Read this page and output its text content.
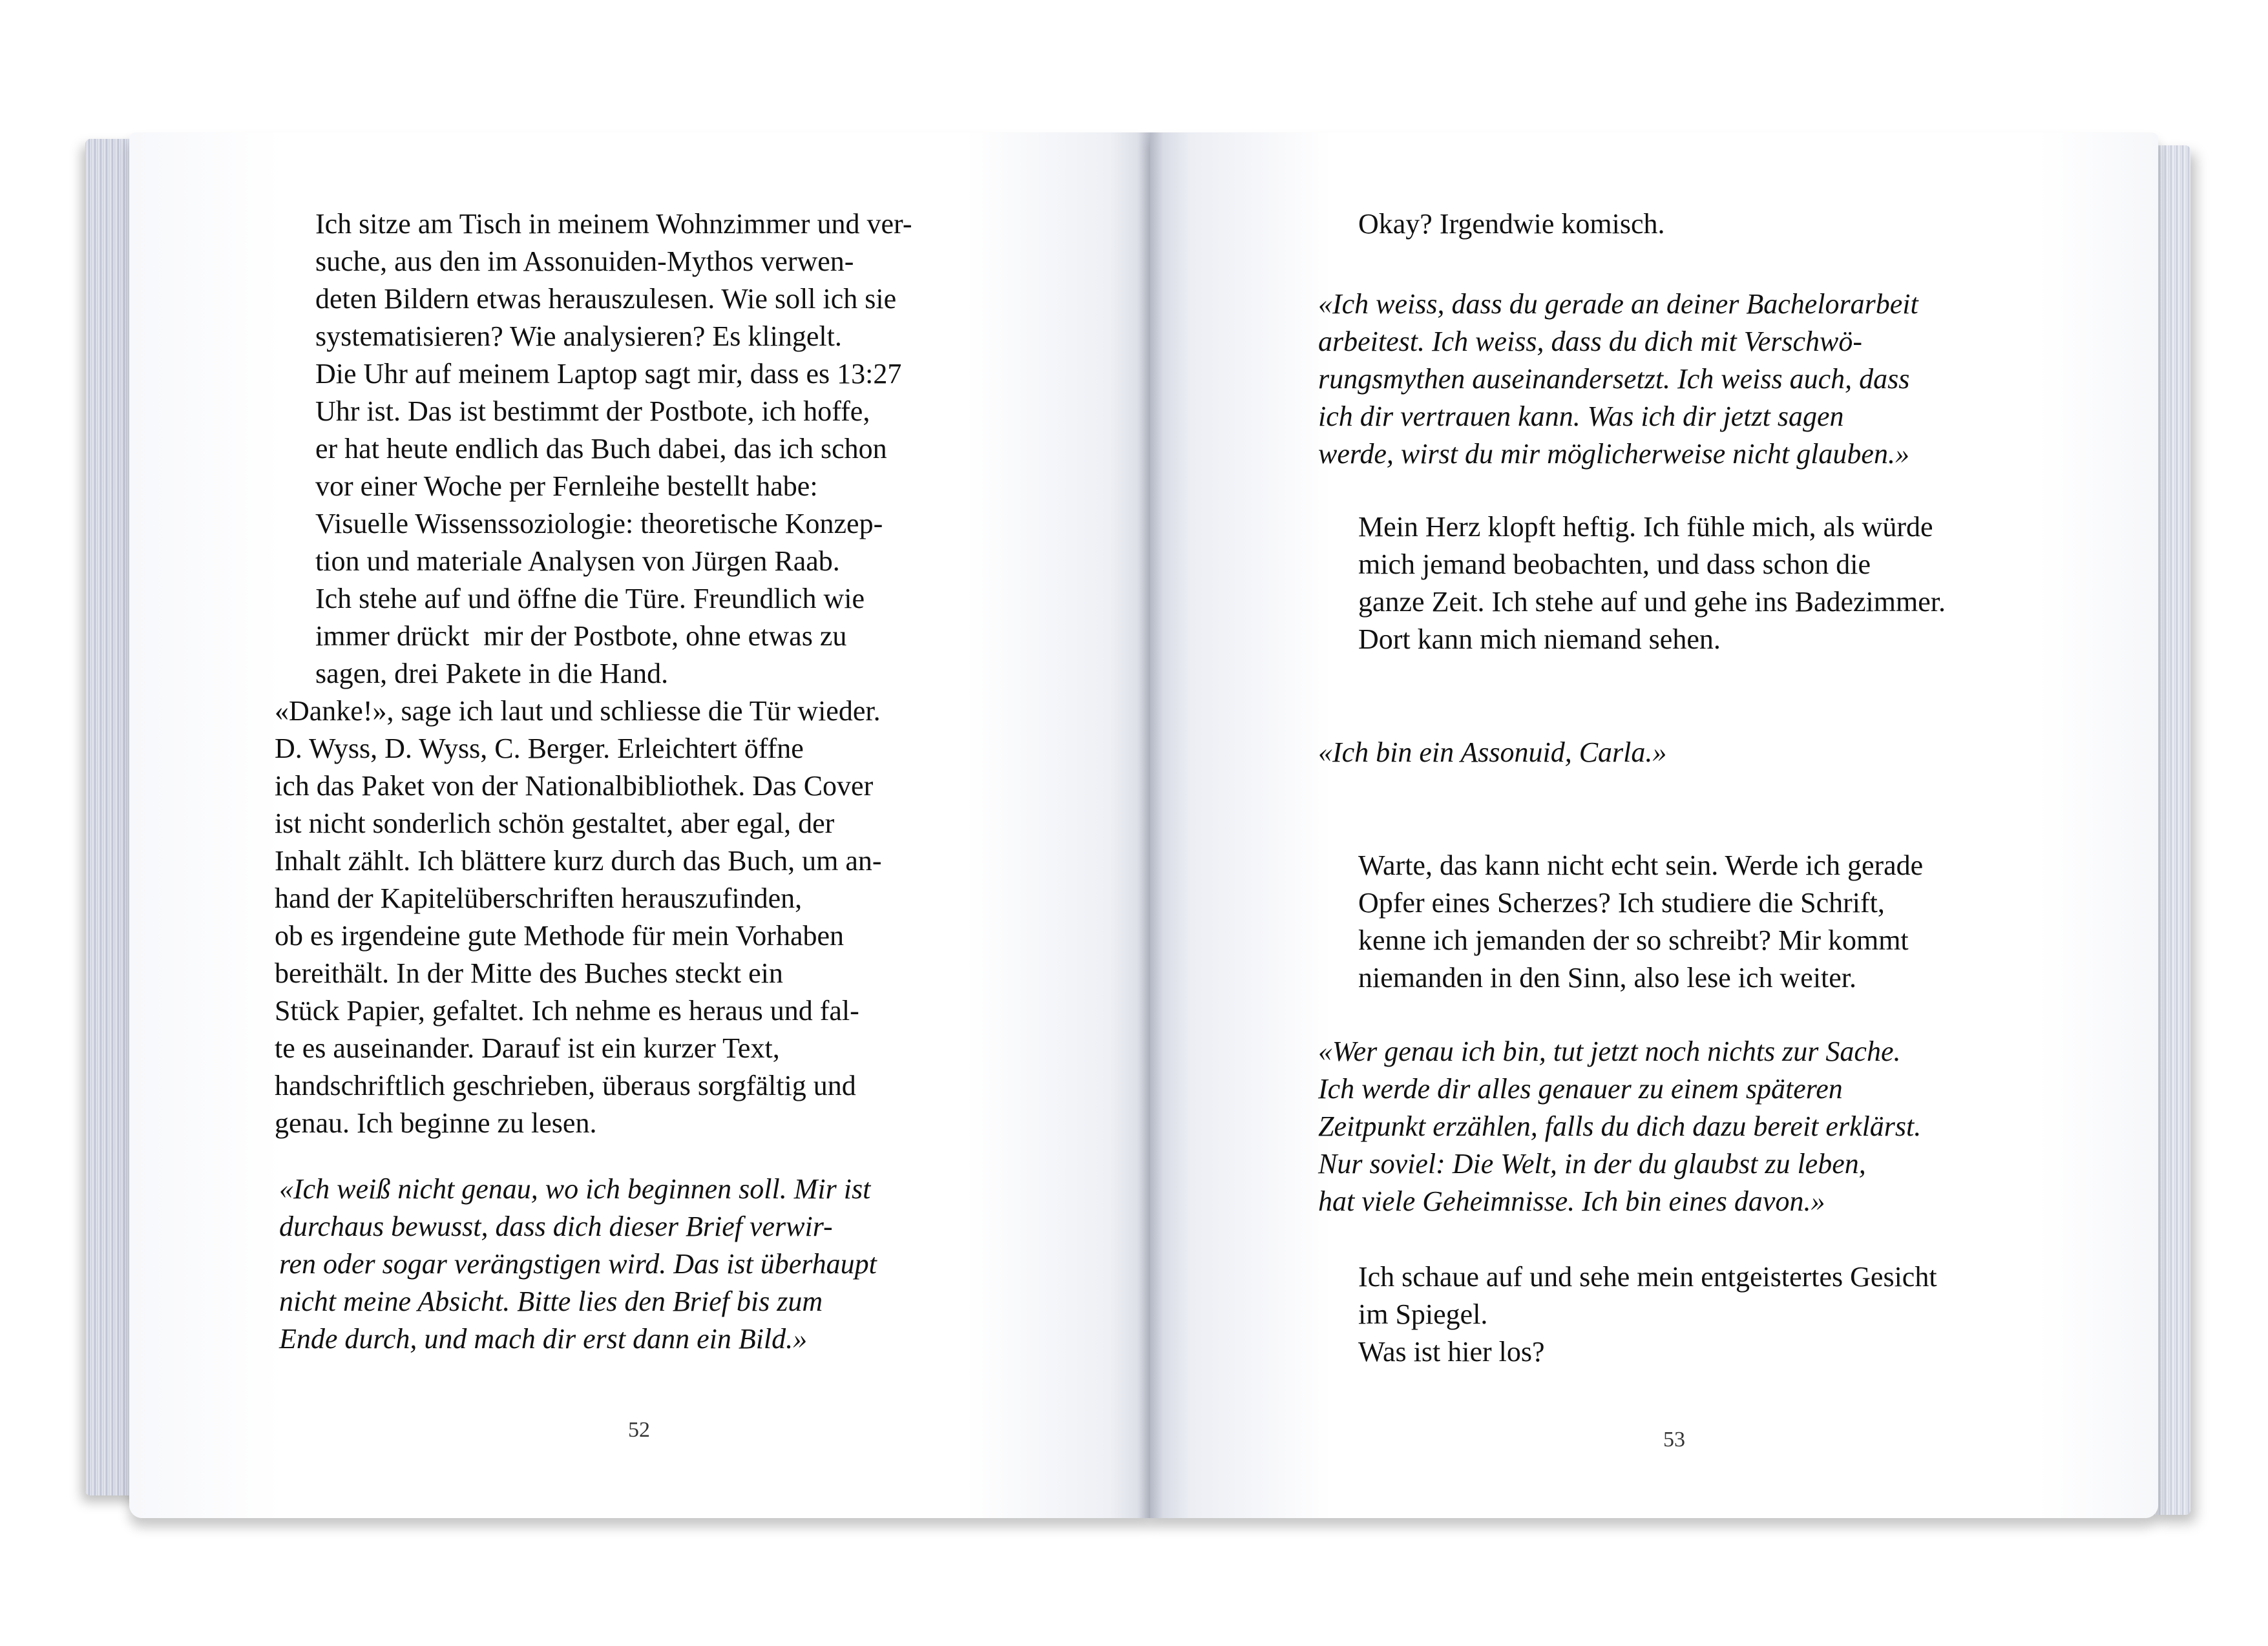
Ich sitze am Tisch in meinem Wohnzimmer und ver-
suche, aus den im Assonuiden-Mythos verwen-
deten Bildern etwas herauszulesen. Wie soll ich sie
systematisieren? Wie analysieren? Es klingelt.
Die Uhr auf meinem Laptop sagt mir, dass es 13:27
Uhr ist. Das ist bestimmt der Postbote, ich hoffe,
er hat heute endlich das Buch dabei, das ich schon
vor einer Woche per Fernleihe bestellt habe:
Visuelle Wissenssoziologie: theoretische Konzep-
tion und materiale Analysen von Jürgen Raab.
Ich stehe auf und öffne die Türe. Freundlich wie
immer drückt  mir der Postbote, ohne etwas zu
sagen, drei Pakete in die Hand.
«Danke!», sage ich laut und schliesse die Tür wieder.
D. Wyss, D. Wyss, C. Berger. Erleichtert öffne
ich das Paket von der Nationalbibliothek. Das Cover
ist nicht sonderlich schön gestaltet, aber egal, der
Inhalt zählt. Ich blättere kurz durch das Buch, um an-
hand der Kapitelüberschriften herauszufinden,
ob es irgendeine gute Methode für mein Vorhaben
bereithält. In der Mitte des Buches steckt ein
Stück Papier, gefaltet. Ich nehme es heraus und fal-
te es auseinander. Darauf ist ein kurzer Text,
handschriftlich geschrieben, überaus sorgfältig und
genau. Ich beginne zu lesen.
«Ich weiß nicht genau, wo ich beginnen soll. Mir ist
durchaus bewusst, dass dich dieser Brief verwir-
ren oder sogar verängstigen wird. Das ist überhaupt
nicht meine Absicht. Bitte lies den Brief bis zum
Ende durch, und mach dir erst dann ein Bild.»
52
Okay? Irgendwie komisch.
«Ich weiss, dass du gerade an deiner Bachelorarbeit
arbeitest. Ich weiss, dass du dich mit Verschwö-
rungsmythen auseinandersetzt. Ich weiss auch, dass
ich dir vertrauen kann. Was ich dir jetzt sagen
werde, wirst du mir möglicherweise nicht glauben.»
Mein Herz klopft heftig. Ich fühle mich, als würde
mich jemand beobachten, und dass schon die
ganze Zeit. Ich stehe auf und gehe ins Badezimmer.
Dort kann mich niemand sehen.
«Ich bin ein Assonuid, Carla.»
Warte, das kann nicht echt sein. Werde ich gerade
Opfer eines Scherzes? Ich studiere die Schrift,
kenne ich jemanden der so schreibt? Mir kommt
niemanden in den Sinn, also lese ich weiter.
«Wer genau ich bin, tut jetzt noch nichts zur Sache.
Ich werde dir alles genauer zu einem späteren
Zeitpunkt erzählen, falls du dich dazu bereit erklärst.
Nur soviel: Die Welt, in der du glaubst zu leben,
hat viele Geheimnisse. Ich bin eines davon.»
Ich schaue auf und sehe mein entgeistertes Gesicht
im Spiegel.
Was ist hier los?
53
